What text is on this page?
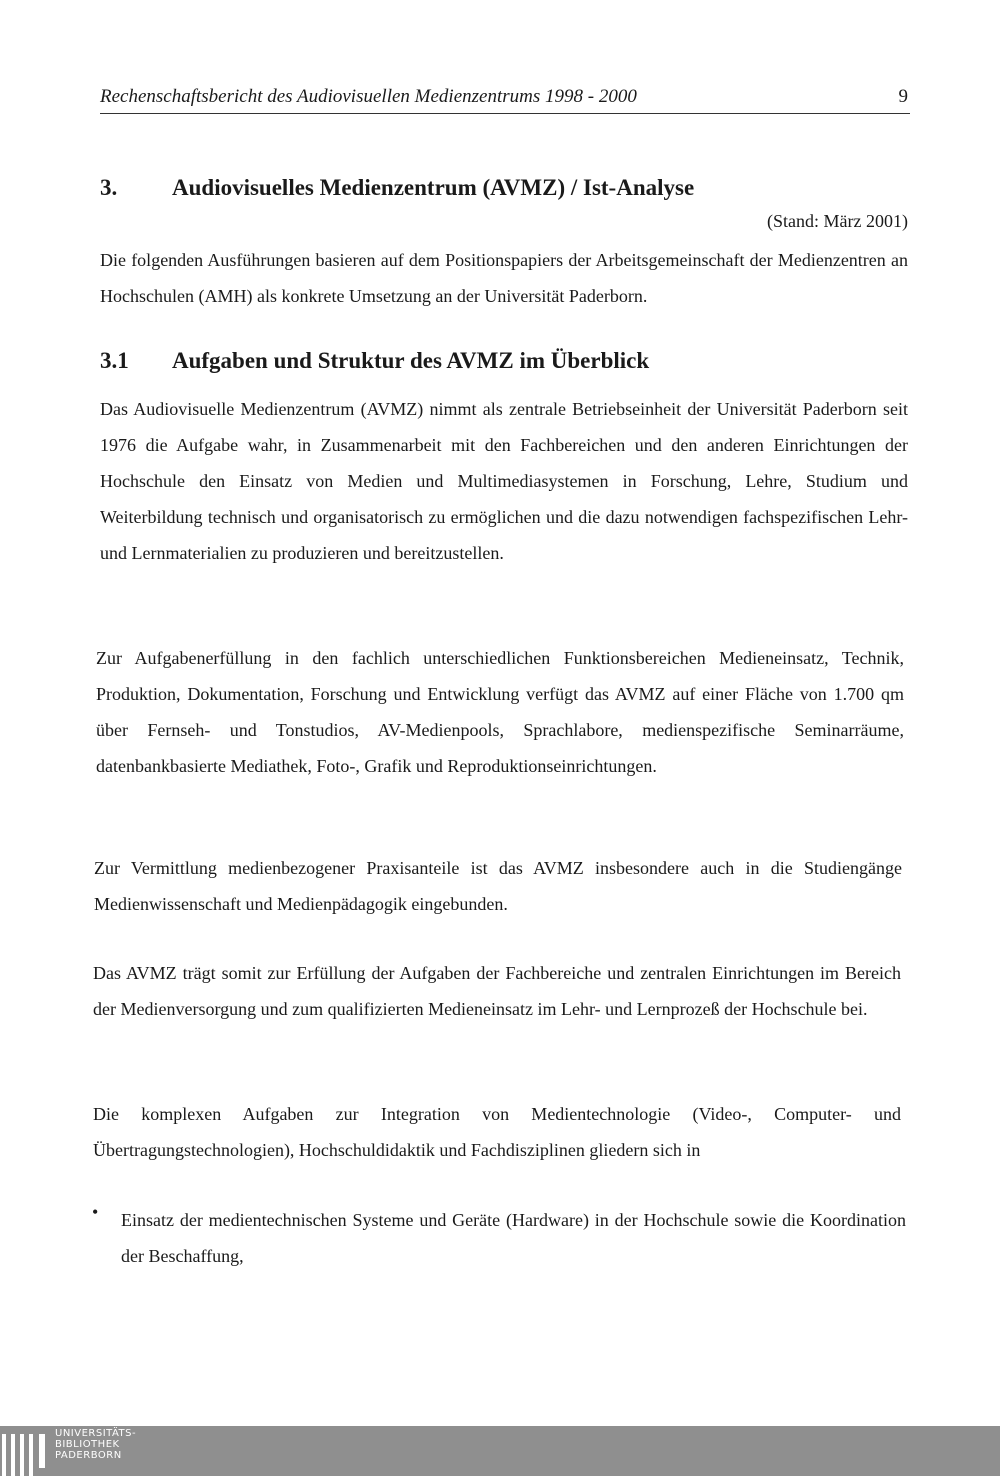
Rechenschaftsbericht des Audiovisuellen Medienzentrums 1998 - 2000	9
3. Audiovisuelles Medienzentrum (AVMZ) / Ist-Analyse
(Stand: März 2001)
Die folgenden Ausführungen basieren auf dem Positionspapiers der Arbeitsgemeinschaft der Medienzentren an Hochschulen (AMH) als konkrete Umsetzung an der Universität Paderborn.
3.1 Aufgaben und Struktur des AVMZ im Überblick
Das Audiovisuelle Medienzentrum (AVMZ) nimmt als zentrale Betriebseinheit der Universität Paderborn seit 1976 die Aufgabe wahr, in Zusammenarbeit mit den Fachbereichen und den anderen Einrichtungen der Hochschule den Einsatz von Medien und Multimediasystemen in Forschung, Lehre, Studium und Weiterbildung technisch und organisatorisch zu ermöglichen und die dazu notwendigen fachspezifischen Lehr- und Lernmaterialien zu produzieren und bereitzustellen.
Zur Aufgabenerfüllung in den fachlich unterschiedlichen Funktionsbereichen Medieneinsatz, Technik, Produktion, Dokumentation, Forschung und Entwicklung verfügt das AVMZ auf einer Fläche von 1.700 qm über Fernseh- und Tonstudios, AV-Medienpools, Sprachlabore, medienspezifische Seminarräume, datenbankbasierte Mediathek, Foto-, Grafik und Reproduktionseinrichtungen.
Zur Vermittlung medienbezogener Praxisanteile ist das AVMZ insbesondere auch in die Studiengänge Medienwissenschaft und Medienpädagogik eingebunden.
Das AVMZ trägt somit zur Erfüllung der Aufgaben der Fachbereiche und zentralen Einrichtungen im Bereich der Medienversorgung und zum qualifizierten Medieneinsatz im Lehr- und Lernprozeß der Hochschule bei.
Die komplexen Aufgaben zur Integration von Medientechnologie (Video-, Computer- und Übertragungstechnologien), Hochschuldidaktik und Fachdisziplinen gliedern sich in
• Einsatz der medientechnischen Systeme und Geräte (Hardware) in der Hochschule sowie die Koordination der Beschaffung,
UNIVERSITÄTS-
BIBLIOTHEK
PADERBORN
